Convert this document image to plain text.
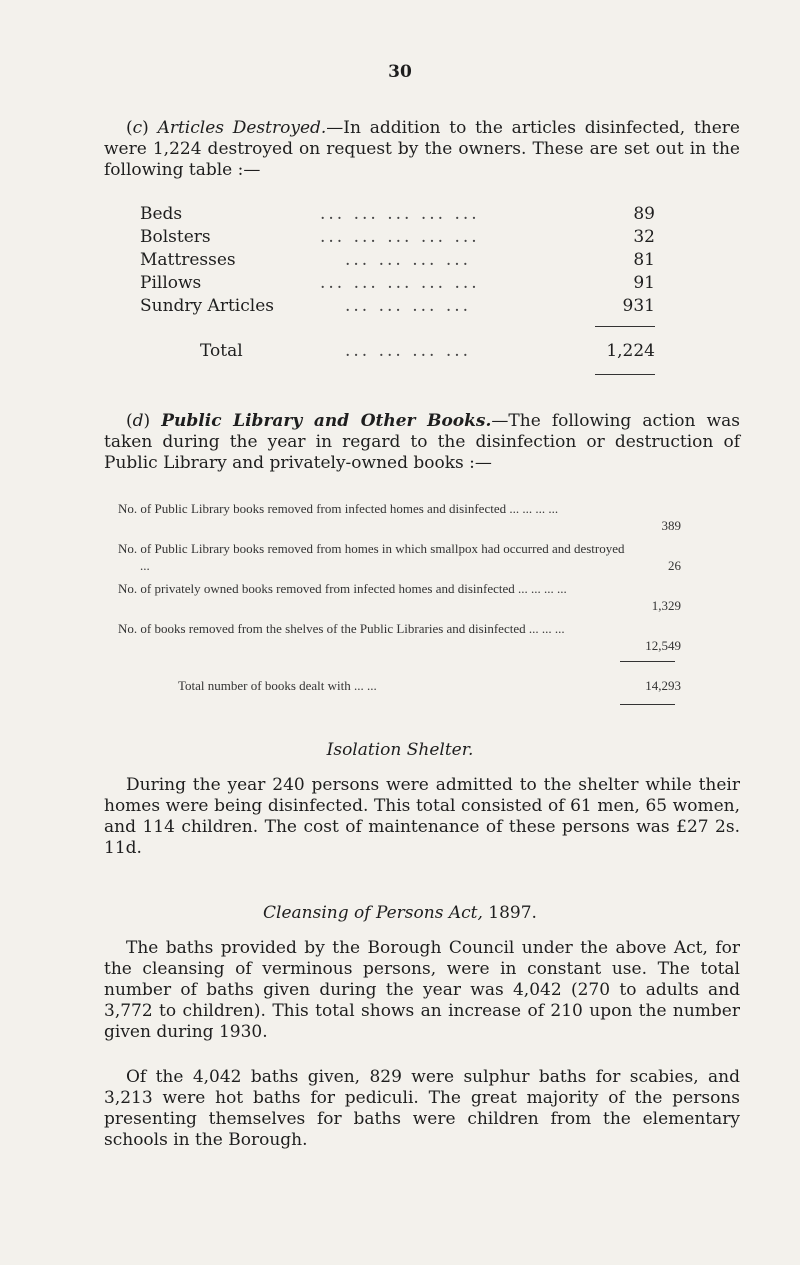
30
(c) Articles Destroyed.—In addition to the articles disinfected, there were 1,224 destroyed on request by the owners. These are set out in the following table :—
Beds	... ... ... ... ...	89
Bolsters	... ... ... ... ...	32
Mattresses	... ... ... ...	81
Pillows	... ... ... ... ...	91
Sundry Articles	... ... ... ...	931
Total	... ... ... ...	1,224
(d) Public Library and Other Books.—The following action was taken during the year in regard to the disinfection or destruction of Public Library and privately-owned books :—
No. of Public Library books removed from infected homes and disinfected ... ... ... ...
389
No. of Public Library books removed from homes in which smallpox had occurred and destroyed ...	26
No. of privately owned books removed from infected homes and disinfected ... ... ... ...
1,329
No. of books removed from the shelves of the Public Libraries and disinfected ... ... ...
12,549
Total number of books dealt with ... ...	14,293
Isolation Shelter.
During the year 240 persons were admitted to the shelter while their homes were being disinfected. This total consisted of 61 men, 65 women, and 114 children. The cost of maintenance of these persons was £27 2s. 11d.
Cleansing of Persons Act, 1897.
The baths provided by the Borough Council under the above Act, for the cleansing of verminous persons, were in constant use. The total number of baths given during the year was 4,042 (270 to adults and 3,772 to children). This total shows an increase of 210 upon the number given during 1930.
Of the 4,042 baths given, 829 were sulphur baths for scabies, and 3,213 were hot baths for pediculi. The great majority of the persons presenting themselves for baths were children from the elementary schools in the Borough.
